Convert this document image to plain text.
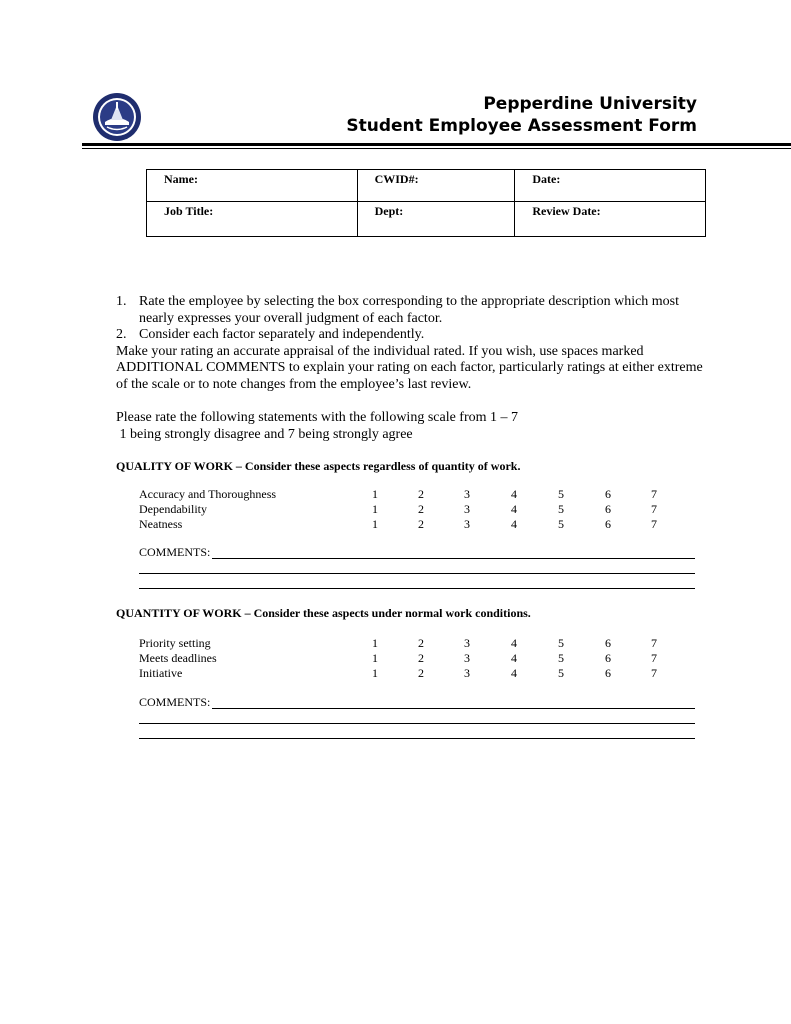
Pepperdine University
Student Employee Assessment Form
Name:	CWID#:	Date:
Job Title:	Dept:	Review Date:
1. Rate the employee by selecting the box corresponding to the appropriate description which most nearly expresses your overall judgment of each factor.
2. Consider each factor separately and independently.

Make your rating an accurate appraisal of the individual rated. If you wish, use spaces marked ADDITIONAL COMMENTS to explain your rating on each factor, particularly ratings at either extreme of the scale or to note changes from the employee’s last review.

Please rate the following statements with the following scale from 1 – 7

1 being strongly disagree and 7 being strongly agree

QUALITY OF WORK – Consider these aspects regardless of quantity of work.
Accuracy and Thoroughness	1	2	3	4	5	6	7
Dependability	1	2	3	4	5	6	7
Neatness	1	2	3	4	5	6	7
COMMENTS:
QUANTITY OF WORK – Consider these aspects under normal work conditions.
Priority setting	1	2	3	4	5	6	7
Meets deadlines	1	2	3	4	5	6	7
Initiative	1	2	3	4	5	6	7
COMMENTS:
